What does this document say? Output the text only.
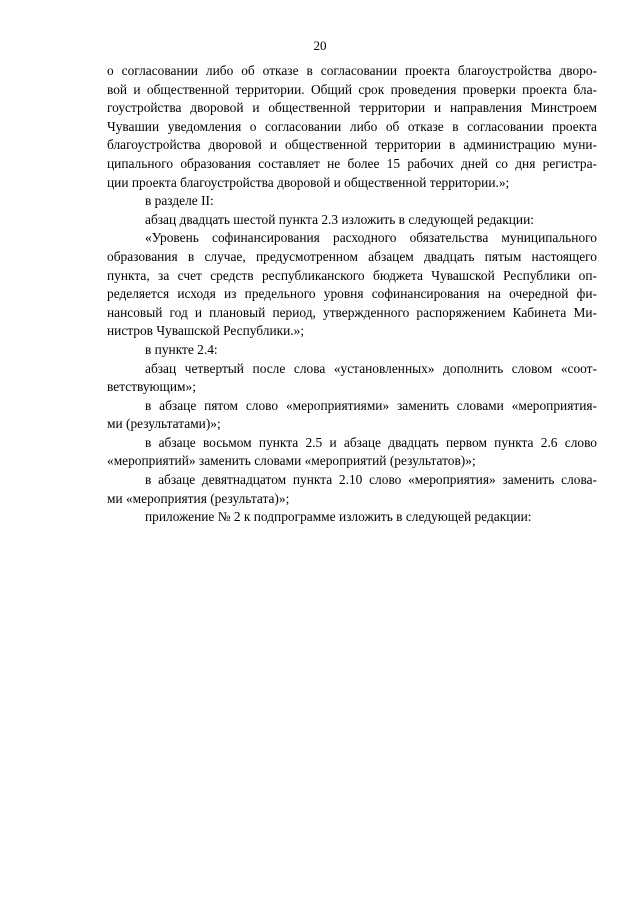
20
о согласовании либо об отказе в согласовании проекта благоустройства дворо-
вой и общественной территории. Общий срок проведения проверки проекта бла-
гоустройства дворовой и общественной территории и направления Минстроем
Чувашии уведомления о согласовании либо об отказе в согласовании проекта
благоустройства дворовой и общественной территории в администрацию муни-
ципального образования составляет не более 15 рабочих дней со дня регистра-
ции проекта благоустройства дворовой и общественной территории.»;
в разделе II:
абзац двадцать шестой пункта 2.3 изложить в следующей редакции:
«Уровень софинансирования расходного обязательства муниципального
образования в случае, предусмотренном абзацем двадцать пятым настоящего
пункта, за счет средств республиканского бюджета Чувашской Республики оп-
ределяется исходя из предельного уровня софинансирования на очередной фи-
нансовый год и плановый период, утвержденного распоряжением Кабинета Ми-
нистров Чувашской Республики.»;
в пункте 2.4:
абзац четвертый после слова «установленных» дополнить словом «соот-
ветствующим»;
в абзаце пятом слово «мероприятиями» заменить словами «мероприятия-
ми (результатами)»;
в абзаце восьмом пункта 2.5 и абзаце двадцать первом пункта 2.6 слово
«мероприятий» заменить словами «мероприятий (результатов)»;
в абзаце девятнадцатом пункта 2.10 слово «мероприятия» заменить слова-
ми «мероприятия (результата)»;
приложение № 2 к подпрограмме изложить в следующей редакции:
